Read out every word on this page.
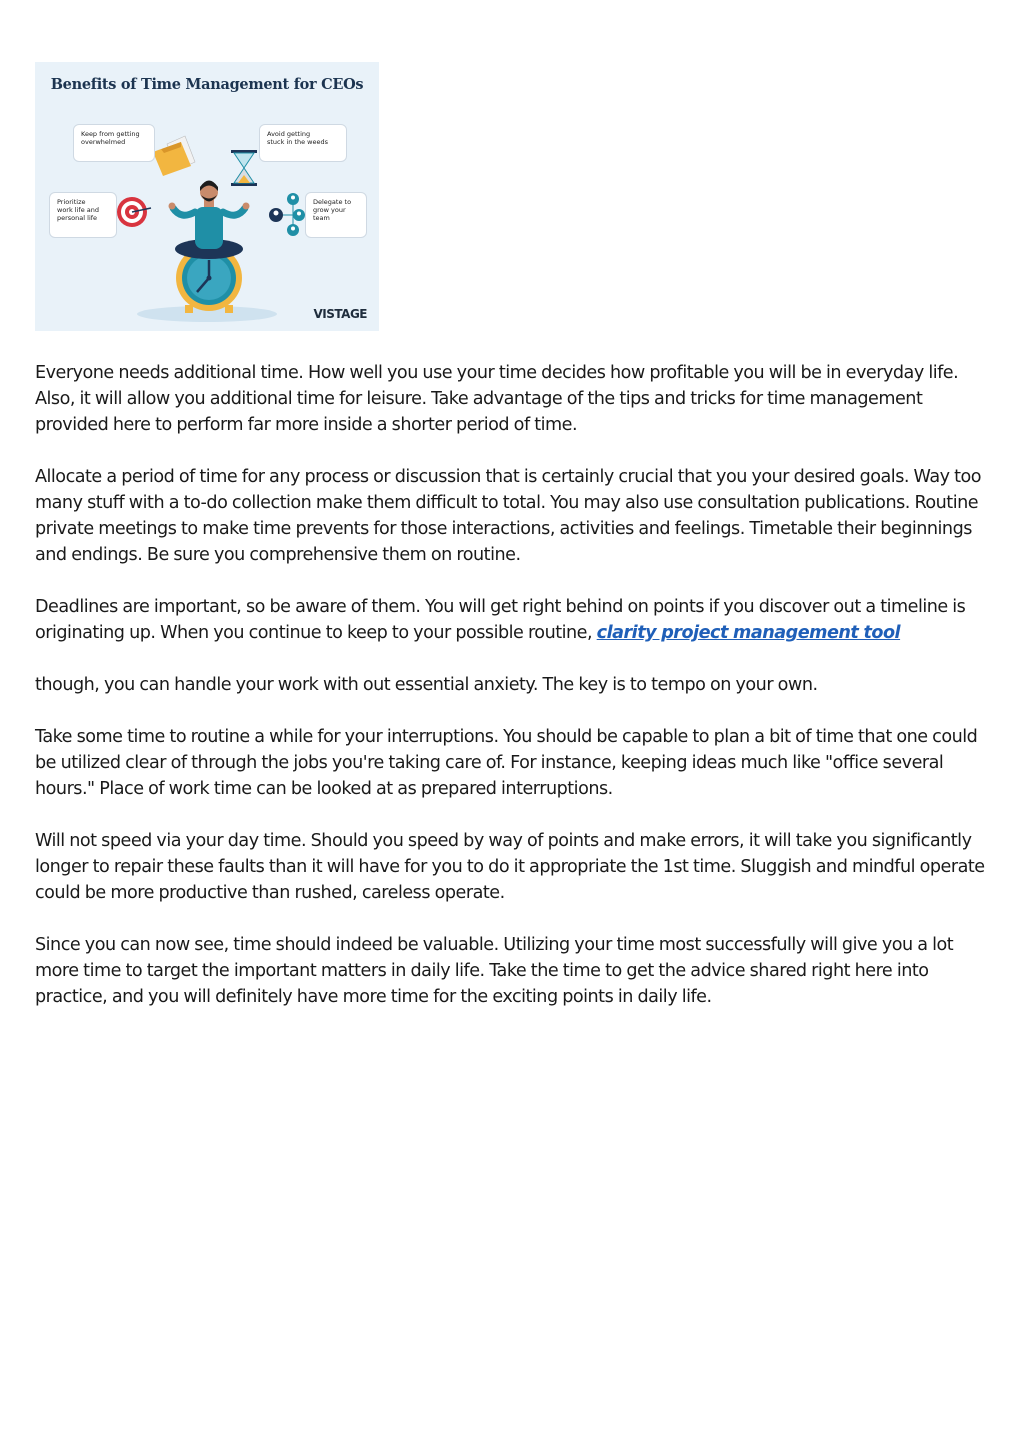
Benefits of Time Management for CEOs
Keep from getting
overwhelmed
Avoid getting
stuck in the weeds
Prioritize
work life and
personal life
Delegate to
grow your
team
VISTAGE

Everyone needs additional time. How well you use your time decides how profitable you will be in everyday life. Also, it will allow you additional time for leisure. Take advantage of the tips and tricks for time management provided here to perform far more inside a shorter period of time.

Allocate a period of time for any process or discussion that is certainly crucial that you your desired goals. Way too many stuff with a to-do collection make them difficult to total. You may also use consultation publications. Routine private meetings to make time prevents for those interactions, activities and feelings. Timetable their beginnings and endings. Be sure you comprehensive them on routine.

Deadlines are important, so be aware of them. You will get right behind on points if you discover out a timeline is originating up. When you continue to keep to your possible routine, clarity project management tool

though, you can handle your work with out essential anxiety. The key is to tempo on your own.

Take some time to routine a while for your interruptions. You should be capable to plan a bit of time that one could be utilized clear of through the jobs you're taking care of. For instance, keeping ideas much like "office several hours." Place of work time can be looked at as prepared interruptions.

Will not speed via your day time. Should you speed by way of points and make errors, it will take you significantly longer to repair these faults than it will have for you to do it appropriate the 1st time. Sluggish and mindful operate could be more productive than rushed, careless operate.

Since you can now see, time should indeed be valuable. Utilizing your time most successfully will give you a lot more time to target the important matters in daily life. Take the time to get the advice shared right here into practice, and you will definitely have more time for the exciting points in daily life.
